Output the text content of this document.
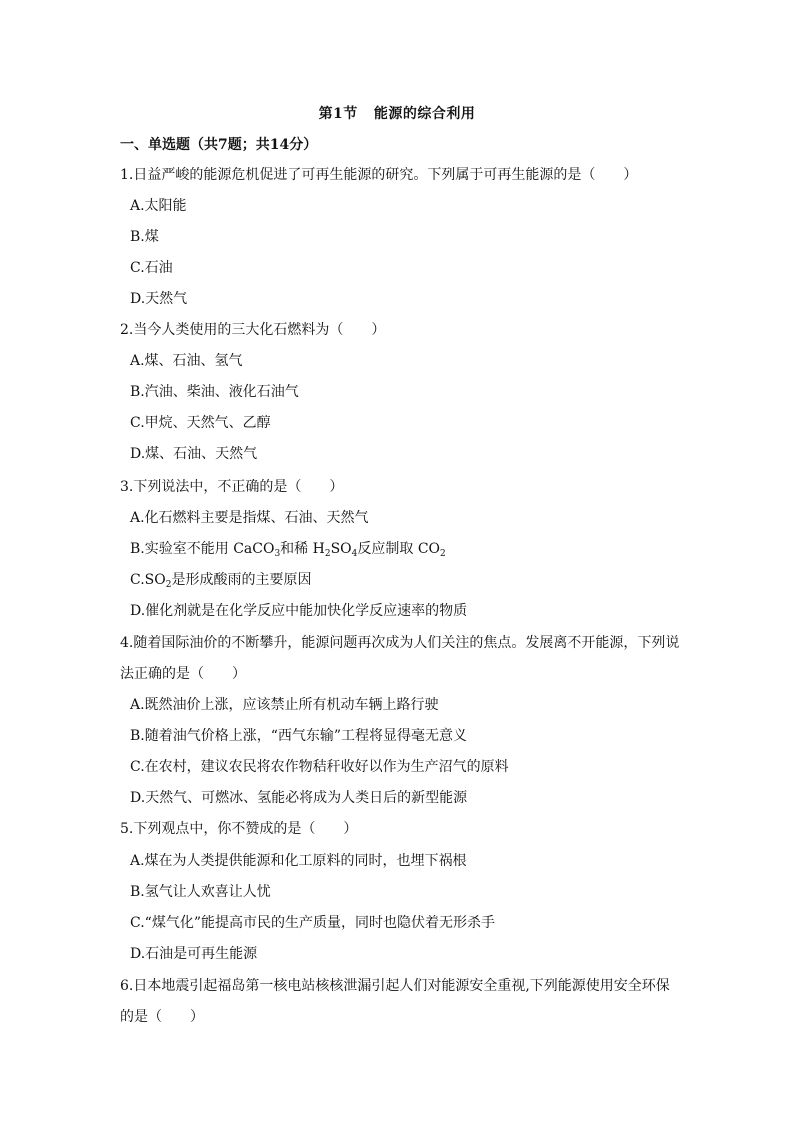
第1节   能源的综合利用
一、单选题（共7题；共14分）
1.日益严峻的能源危机促进了可再生能源的研究。下列属于可再生能源的是（　　）
A.太阳能
B.煤
C.石油
D.天然气
2.当今人类使用的三大化石燃料为（　　）
A.煤、石油、氢气
B.汽油、柴油、液化石油气
C.甲烷、天然气、乙醇
D.煤、石油、天然气
3.下列说法中，不正确的是（　　）
A.化石燃料主要是指煤、石油、天然气
B.实验室不能用 CaCO$_3$和稀 $H_2SO_4$反应制取 $CO_2$
$C.SO_2$是形成酸雨的主要原因
D.催化剂就是在化学反应中能加快化学反应速率的物质
4.随着国际油价的不断攀升，能源问题再次成为人们关注的焦点。发展离不开能源，下列说
法正确的是（　　）
A.既然油价上涨，应该禁止所有机动车辆上路行驶
B.随着油气价格上涨，“西气东输”工程将显得毫无意义
C.在农村，建议农民将农作物秸秆收好以作为生产沼气的原料
D.天然气、可燃冰、氢能必将成为人类日后的新型能源
5.下列观点中，你不赞成的是（　　）
A.煤在为人类提供能源和化工原料的同时，也埋下祸根
B.氢气让人欢喜让人忧
C.“煤气化”能提高市民的生产质量，同时也隐伏着无形杀手
D.石油是可再生能源
6.日本地震引起福岛第一核电站核核泄漏引起人们对能源安全重视,下列能源使用安全环保
的是（　　）
